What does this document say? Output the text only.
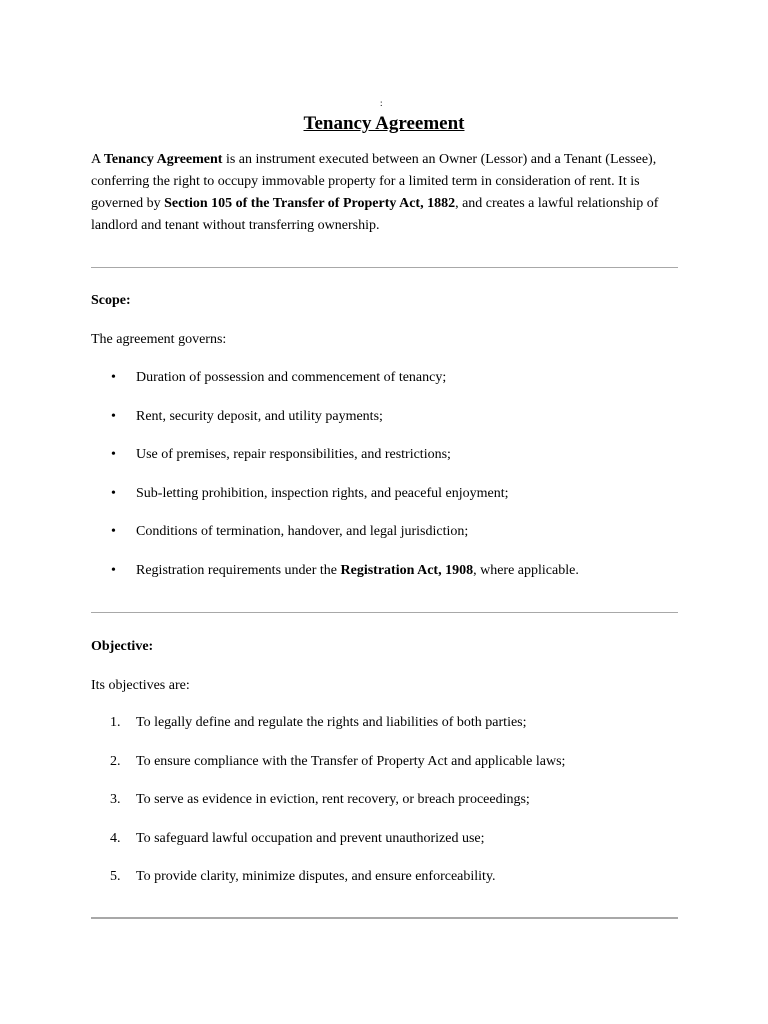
:
Tenancy Agreement

A Tenancy Agreement is an instrument executed between an Owner (Lessor) and a Tenant (Lessee), conferring the right to occupy immovable property for a limited term in consideration of rent. It is governed by Section 105 of the Transfer of Property Act, 1882, and creates a lawful relationship of landlord and tenant without transferring ownership.

Scope:
The agreement governs:
•	Duration of possession and commencement of tenancy;
•	Rent, security deposit, and utility payments;
•	Use of premises, repair responsibilities, and restrictions;
•	Sub-letting prohibition, inspection rights, and peaceful enjoyment;
•	Conditions of termination, handover, and legal jurisdiction;
•	Registration requirements under the Registration Act, 1908, where applicable.
Objective:
Its objectives are:
1.	To legally define and regulate the rights and liabilities of both parties;
2.	To ensure compliance with the Transfer of Property Act and applicable laws;
3.	To serve as evidence in eviction, rent recovery, or breach proceedings;
4.	To safeguard lawful occupation and prevent unauthorized use;
5.	To provide clarity, minimize disputes, and ensure enforceability.
